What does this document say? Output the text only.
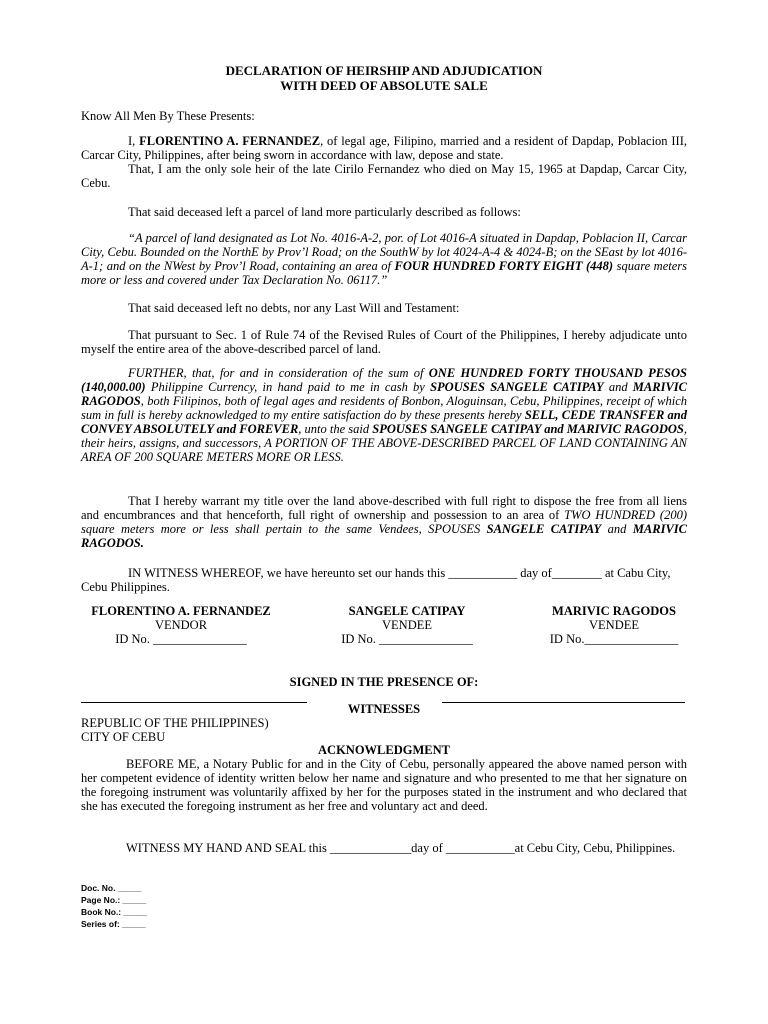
DECLARATION OF HEIRSHIP AND ADJUDICATION

WITH DEED OF ABSOLUTE SALE

Know All Men By These Presents:

I, FLORENTINO A. FERNANDEZ, of legal age, Filipino, married and a resident of Dapdap, Poblacion III, Carcar City, Philippines, after being sworn in accordance with law, depose and state.

That, I am the only sole heir of the late Cirilo Fernandez who died on May 15, 1965 at Dapdap, Carcar City, Cebu.

That said deceased left a parcel of land more particularly described as follows:

“A parcel of land designated as Lot No. 4016-A-2, por. of Lot 4016-A situated in Dapdap, Poblacion II, Carcar City, Cebu. Bounded on the NorthE by Prov’l Road; on the SouthW by lot 4024-A-4 & 4024-B; on the SEast by lot 4016-A-1; and on the NWest by Prov’l Road, containing an area of FOUR HUNDRED FORTY EIGHT (448) square meters more or less and covered under Tax Declaration No. 06117.”

That said deceased left no debts, nor any Last Will and Testament:

That pursuant to Sec. 1 of Rule 74 of the Revised Rules of Court of the Philippines, I hereby adjudicate unto myself the entire area of the above-described parcel of land.

FURTHER, that, for and in consideration of the sum of ONE HUNDRED FORTY THOUSAND PESOS (140,000.00) Philippine Currency, in hand paid to me in cash by SPOUSES SANGELE CATIPAY and MARIVIC RAGODOS, both Filipinos, both of legal ages and residents of Bonbon, Aloguinsan, Cebu, Philippines, receipt of which sum in full is hereby acknowledged to my entire satisfaction do by these presents hereby SELL, CEDE TRANSFER and CONVEY ABSOLUTELY and FOREVER, unto the said SPOUSES SANGELE CATIPAY and MARIVIC RAGODOS, their heirs, assigns, and successors, A PORTION OF THE ABOVE-DESCRIBED PARCEL OF LAND CONTAINING AN AREA OF 200 SQUARE METERS MORE OR LESS.

That I hereby warrant my title over the land above-described with full right to dispose the free from all liens and encumbrances and that henceforth, full right of ownership and possession to an area of TWO HUNDRED (200) square meters more or less shall pertain to the same Vendees, SPOUSES SANGELE CATIPAY and MARIVIC RAGODOS.

IN WITNESS WHEREOF, we have hereunto set our hands this ___________ day of________ at Cabu City, Cebu Philippines.

FLORENTINO A. FERNANDEZ
VENDOR
ID No. _______________
SANGELE CATIPAY
VENDEE
ID No. _______________
MARIVIC RAGODOS
VENDEE
ID No._______________

SIGNED IN THE PRESENCE OF:

WITNESSES

REPUBLIC OF THE PHILIPPINES)

CITY OF CEBU

ACKNOWLEDGMENT

BEFORE ME, a Notary Public for and in the City of Cebu, personally appeared the above named person with her competent evidence of identity written below her name and signature and who presented to me that her signature on the foregoing instrument was voluntarily affixed by her for the purposes stated in the instrument and who declared that she has executed the foregoing instrument as her free and voluntary act and deed.

WITNESS MY HAND AND SEAL this _____________day of ___________at Cebu City, Cebu, Philippines.

Doc. No. _____

Page No.: _____

Book No.: _____

Series of: _____
